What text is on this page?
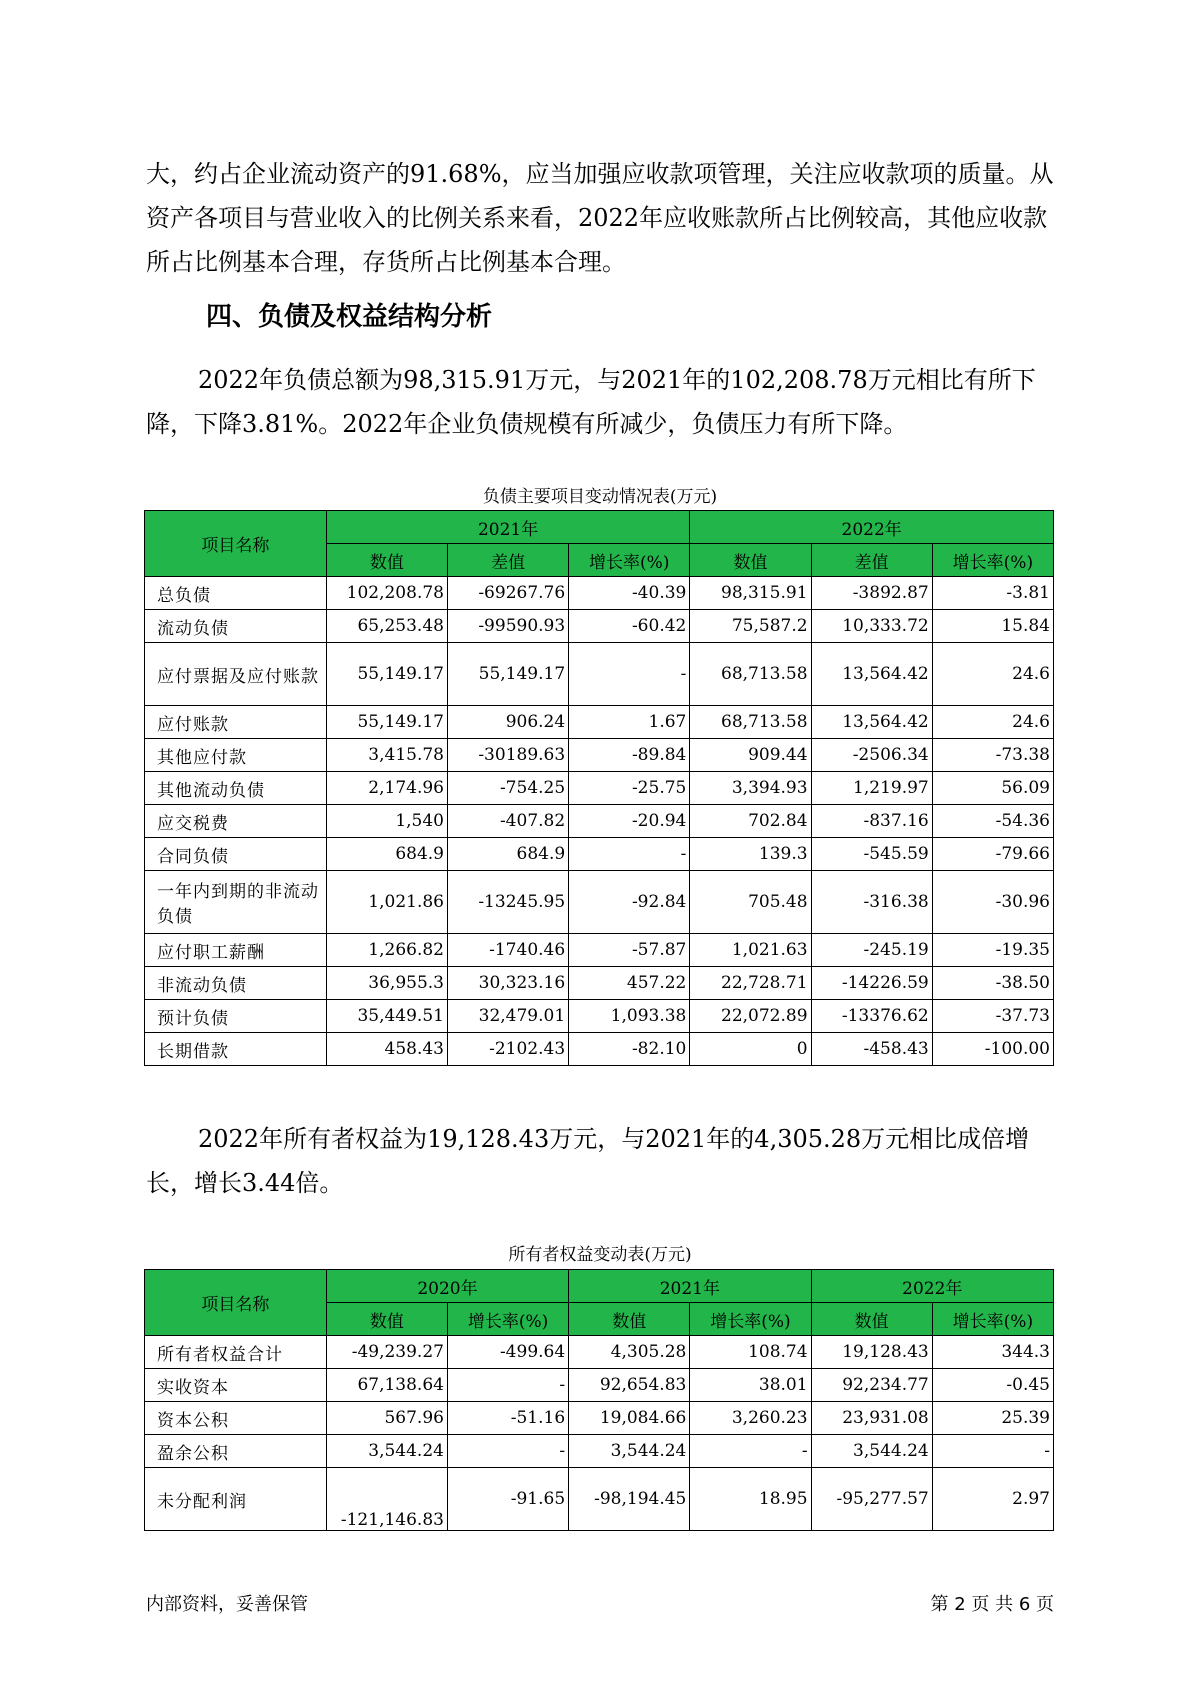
大，约占企业流动资产的91.68%，应当加强应收款项管理，关注应收款项的质量。从资产各项目与营业收入的比例关系来看，2022年应收账款所占比例较高，其他应收款所占比例基本合理，存货所占比例基本合理。

四、负债及权益结构分析

2022年负债总额为98,315.91万元，与2021年的102,208.78万元相比有所下降，下降3.81%。2022年企业负债规模有所减少，负债压力有所下降。

负债主要项目变动情况表(万元)
项目名称	2021年			2022年		
	数值	差值	增长率(%)	数值	差值	增长率(%)
总负债	102,208.78	-69267.76	-40.39	98,315.91	-3892.87	-3.81
流动负债	65,253.48	-99590.93	-60.42	75,587.2	10,333.72	15.84
应付票据及应付账款	55,149.17	55,149.17	-	68,713.58	13,564.42	24.6
应付账款	55,149.17	906.24	1.67	68,713.58	13,564.42	24.6
其他应付款	3,415.78	-30189.63	-89.84	909.44	-2506.34	-73.38
其他流动负债	2,174.96	-754.25	-25.75	3,394.93	1,219.97	56.09
应交税费	1,540	-407.82	-20.94	702.84	-837.16	-54.36
合同负债	684.9	684.9	-	139.3	-545.59	-79.66
一年内到期的非流动负债	1,021.86	-13245.95	-92.84	705.48	-316.38	-30.96
应付职工薪酬	1,266.82	-1740.46	-57.87	1,021.63	-245.19	-19.35
非流动负债	36,955.3	30,323.16	457.22	22,728.71	-14226.59	-38.50
预计负债	35,449.51	32,479.01	1,093.38	22,072.89	-13376.62	-37.73
长期借款	458.43	-2102.43	-82.10	0	-458.43	-100.00

2022年所有者权益为19,128.43万元，与2021年的4,305.28万元相比成倍增长，增长3.44倍。

所有者权益变动表(万元)
项目名称	2020年		2021年		2022年	
	数值	增长率(%)	数值	增长率(%)	数值	增长率(%)
所有者权益合计	-49,239.27	-499.64	4,305.28	108.74	19,128.43	344.3
实收资本	67,138.64	-	92,654.83	38.01	92,234.77	-0.45
资本公积	567.96	-51.16	19,084.66	3,260.23	23,931.08	25.39
盈余公积	3,544.24	-	3,544.24	-	3,544.24	-
未分配利润	-121,146.83	-91.65	-98,194.45	18.95	-95,277.57	2.97
内部资料，妥善保管	第 2 页 共 6 页
